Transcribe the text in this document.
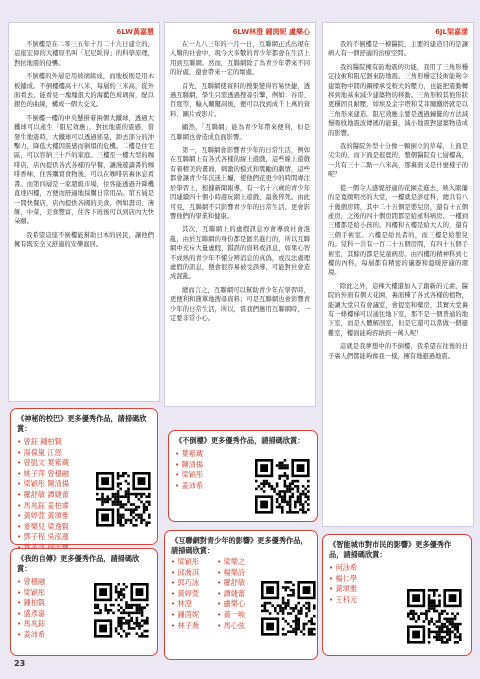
6LW黃嘉慧

不倒樓是在二零三五年十月二十九日建立的，這座宏偉的大樓原名叫「尼尼臥得」的科學原理，對抗地震的侵襲。

不倒樓的外層是用玻璃組成，而地板則是用木板鋪成。不倒樓樓高十八米，每層約三米高，從外面看去，能看見一塊塊很大的海藍色玻璃窗，配以銀色的曲線，構成一個大交叉。

不倒樓一樓的中央懸掛着兩個大鐵球，透過大鐵球可以產生「阻尼效應」，對抗地震的震感，當發生地震時，大鐵球可以透過搖晃，卸去部分的沖擊力，降低大樓因震感而倒塌的危機。二樓是住宅區，可以容納三十戶的家庭。三樓至一樓大型的咖啡店，店內提供各式各樣的早餐，讓漫遊讀書的咖啡香味，住客購買食物後，可以在咖啡店裏休息看書。而第四層是一家超級市場，住客能透過升降機直達四樓，方便而舒適地採購日常用品。第五層是一間快餐店，店內提供各國的美食，例如壽司、薄餅、中菜，美食豐富，住客下班後可以到店內大快朵頤。

我希望這座不倒樓能幫助日本的居民，讓他們擁有既安全又舒適的安樂窩居。

6LW林澄 鍾茵妮 盧樂心

在一九八三年的一月一日，互聯網正式出現在人類的社會中，現今大多數的青少年都會在生活上用到互聯網。然而，互聯網除了為青少年帶來不同的好處，還會帶來一定的壞處。

首先，互聯網使資料的搜集變得容易快捷，透過互聯網，學生只需透過搜尋引擎，例如：谷哥、百度等，輸入關鍵詞後，便可以找到成千上萬的資料、圖片或影片。

顧然，「互聯網」能為青少年帶來便利，但是互聯網也會造成負面影響。

第一，互聯網會影響青少年的日常生活，例如在互聯網上有各式各樣的線上遊戲，這些線上遊戲有着精美的畫面，刺激的模式和獎勵的劇情，這些都會讓青少年沉迷上癮，使他們花更少的時間專注於學習上，根據新聞報導，有一名十六歲的青少年因連續四十個小時遊玩網上遊戲，最後猝死。由此可見，互聯網不只影響青少年的日常生活，更會影響他們的學業和健康。

其次，互聯網上的虛假訊息亦會導致社會混亂，由於互聯網的身份都是匿名進行的，所以互聯網中充斥大量虛假、錯誤的資料或訊息，如果心智不成熟的青少年不懂分辨消息的真偽，或沒法處理虛假的訊息，便會很容易被受誤導，可能對社會造成混亂。

總而言之，互聯網可以幫助青少年在學習時，更便利和簡單地搜尋資料；可是互聯網也會影響青少年的日常生活，所以，當我們應用互聯網時，一定要非常小心。

6JL梁嘉漾

我的不倒樓是一棟醫院，主要的建造目的是讓病人有一個舒適的治療空間。

我的醫院擁有防地震的功能，我用了三角形穩定技術和阻尼器來防地震。三角形穩定技術能夠令建築物中間的鋼樑承受較大的壓力，也能把震動轉移到地基來減少建築物的移動。三角形較其他形狀更穩固且耐壓，如埃及金字塔和艾菲爾鐵塔就是以三角形來建造。阻尼效應主要是透過鐘擺的方法減慢吸收地震波傳遞的能量，減小地震對建築物造成的影響。

我的醫院外型十分像一顆倒立的草莓，上面是尖尖的，而下面是很寬的，整個醫院有七層樓高，一共有三十二點一八米高，那裏面又是什麼樣子的呢？

從一個令人感覺舒適的花園走進去，映入眼簾的是寬敞明亮的大堂，一樓就是診症科，總共有八十幾個房間，其中二十五個是嬰兒房，還有十五個產房，之後的四十個房間都是給產科病房。一樓到三樓都是給小孩的。四樓和五樓是給大人的，還有三個手術室。六樓是給長者的，而三樓是給嬰兒的。兒科一共有一百二十五個房間，有四十五個手術室，其餘的都是兒童病房。由四樓的精神科到七樓的內科，每層都有精密的儀器和溫暖舒適的環境。

除此之外，這棟大樓還加入了創新的元素，醫院的外面有個天花園，裏面種了各式各樣的植物，能讓大堂只有會議室，會提室和藥房，其實大堂裏有一條樓梯可以通往地下室，那不是一個普通的地下室，而是人體解剖室，但是它還可以當做一個避難室，樓面能夠容納到一萬人呢！

這就是我夢想中的不倒樓，我希望在往後的日子裏人們都能夠像我一樣，擁有地避過地震。

《神秘的校巴》更多優秀作品，請掃碼欣賞：
• 曾鈺 鍾柏賢
• 湯葆嵐 江悠
• 曾凱文 葉紫蔵
• 姚子萍 曾穩融
• 梁穎彤 陳清揚
• 羅舒敏 譚婕蕾
• 馬兆鈺 姜柏睿
• 黃婷萱 黃頌雅
• 麥樂兒 梁逸賢
• 鄧子程 吳泓蓮
•
《不倒樓》更多優秀作品，請掃碼欣賞：
• 葉紫蔵
• 陳清揚
• 梁穎彤
• 姜沛希
《我的自傳》更多優秀作品，請掃碼欣賞：
• 曾穩融
• 梁穎彤
• 鍾柏賢
• 盛彥嘉
• 馬兆鈺
• 姜沛希
《互聯網對青少年的影響》更多優秀作品，請掃碼欣賞：
• 梁穎彤
• 邱喬淇
• 郭巧泳
• 黃婷萱
• 林澄
• 鍾茵妮
• 林子喬
• 梁樂之
• 楊樂詩
• 羅舒敏
• 譚婕蕾
• 盧樂心
• 黃一峻
• 馬心弦
《智能城市對市民的影響》更多優秀作品，請掃碼欣賞：
• 何泳希
• 楊仁學
• 黃頌雅
• 王科元
23
